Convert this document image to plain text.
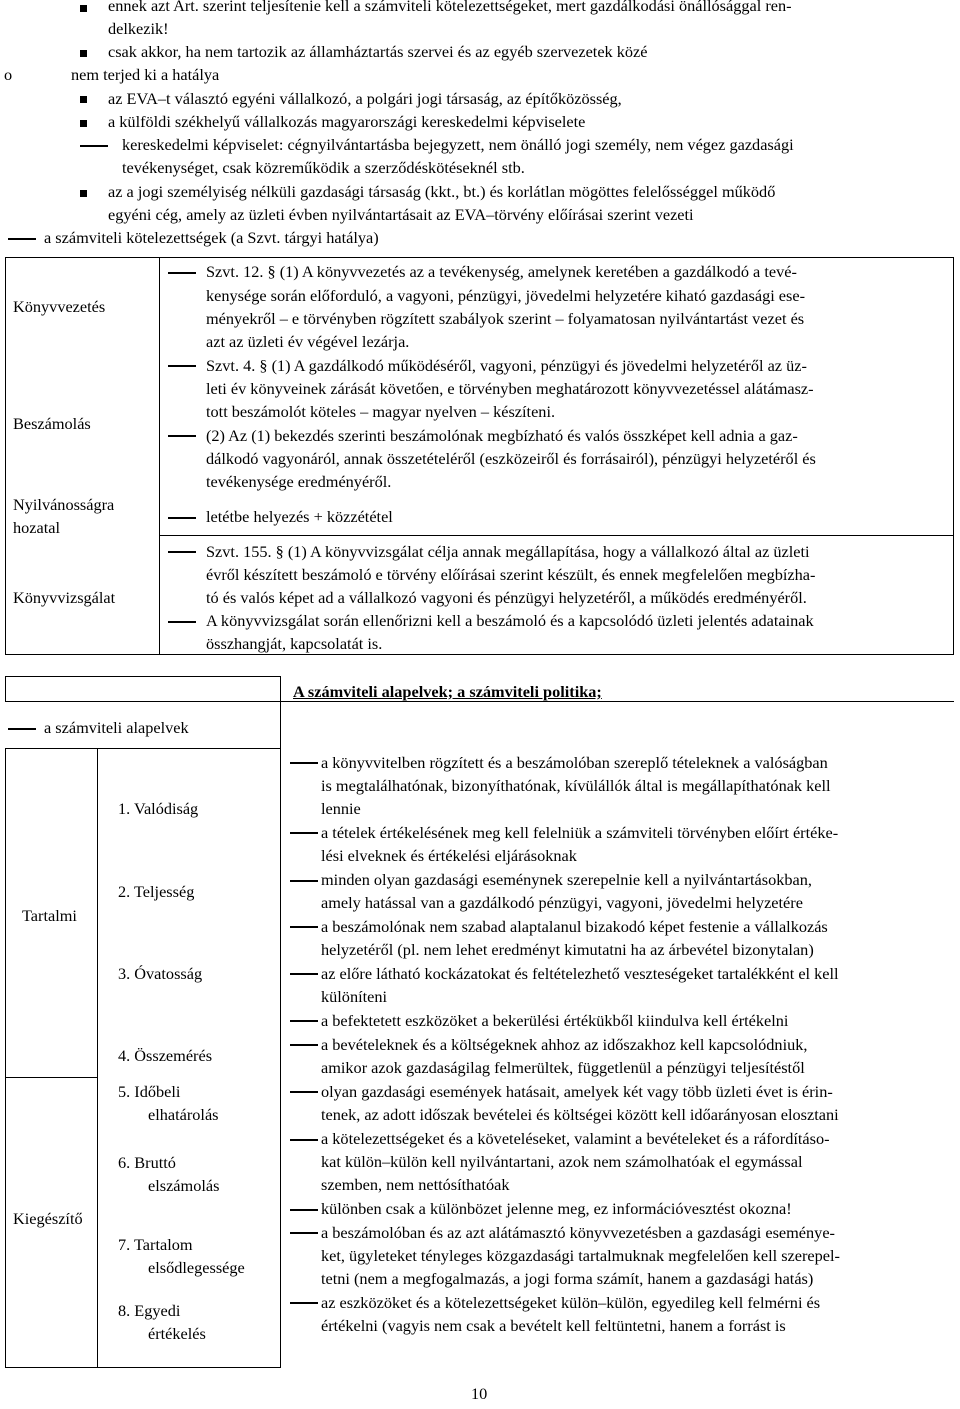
ennek azt Art. szerint teljesítenie kell a számviteli kötelezettségeket, mert gazdálkodási önállósággal ren-
delkezik!
csak akkor, ha nem tartozik az államháztartás szervei és az egyéb szervezetek közé
o	nem terjed ki a hatálya
az EVA–t választó egyéni vállalkozó, a polgári jogi társaság, az építőközösség,
a külföldi székhelyű vállalkozás magyarországi kereskedelmi képviselete
kereskedelmi képviselet: cégnyilvántartásba bejegyzett, nem önálló jogi személy, nem végez gazdasági
tevékenységet, csak közreműködik a szerződéskötéseknél stb.
az a jogi személyiség nélküli gazdasági társaság (kkt., bt.) és korlátlan mögöttes felelősséggel működő
egyéni cég, amely az üzleti évben nyilvántartásait az EVA–törvény előírásai szerint vezeti
a számviteli kötelezettségek (a Szvt. tárgyi hatálya)
Könyvvezetés
Beszámolás
Nyilvánosságra
hozatal
Könyvvizsgálat
Szvt. 12. § (1) A könyvvezetés az a tevékenység, amelynek keretében a gazdálkodó a tevé-
kenysége során előforduló, a vagyoni, pénzügyi, jövedelmi helyzetére kiható gazdasági ese-
ményekről – e törvényben rögzített szabályok szerint – folyamatosan nyilvántartást vezet és
azt az üzleti év végével lezárja.
Szvt. 4. § (1) A gazdálkodó működéséről, vagyoni, pénzügyi és jövedelmi helyzetéről az üz-
leti év könyveinek zárását követően, e törvényben meghatározott könyvvezetéssel alátámasz-
tott beszámolót köteles – magyar nyelven – készíteni.
(2) Az (1) bekezdés szerinti beszámolónak megbízható és valós összképet kell adnia a gaz-
dálkodó vagyonáról, annak összetételéről (eszközeiről és forrásairól), pénzügyi helyzetéről és
tevékenysége eredményéről.
letétbe helyezés + közzététel
Szvt. 155. § (1) A könyvvizsgálat célja annak megállapítása, hogy a vállalkozó által az üzleti
évről készített beszámoló e törvény előírásai szerint készült, és ennek megfelelően megbízha-
tó és valós képet ad a vállalkozó vagyoni és pénzügyi helyzetéről, a működés eredményéről.
A könyvvizsgálat során ellenőrizni kell a beszámoló és a kapcsolódó üzleti jelentés adatainak
összhangját, kapcsolatát is.
A számviteli alapelvek; a számviteli politika;
a számviteli alapelvek
Tartalmi
Kiegészítő
1. Valódiság
2. Teljesség
3. Óvatosság
4. Összemérés
5. Időbeli
elhatárolás
6. Bruttó
elszámolás
7. Tartalom
elsődlegessége
8. Egyedi
értékelés
a könyvvitelben rögzített és a beszámolóban szereplő tételeknek a valóságban
is megtalálhatónak, bizonyíthatónak, kívülállók által is megállapíthatónak kell
lennie
a tételek értékelésének meg kell felelniük a számviteli törvényben előírt értéke-
lési elveknek és értékelési eljárásoknak
minden olyan gazdasági eseménynek szerepelnie kell a nyilvántartásokban,
amely hatással van a gazdálkodó pénzügyi, vagyoni, jövedelmi helyzetére
a beszámolónak nem szabad alaptalanul bizakodó képet festenie a vállalkozás
helyzetéről (pl. nem lehet eredményt kimutatni ha az árbevétel bizonytalan)
az előre látható kockázatokat és feltételezhető veszteségeket tartalékként el kell
különíteni
a befektetett eszközöket a bekerülési értékükből kiindulva kell értékelni
a bevételeknek és a költségeknek ahhoz az időszakhoz kell kapcsolódniuk,
amikor azok gazdaságilag felmerültek, függetlenül a pénzügyi teljesítéstől
olyan gazdasági események hatásait, amelyek két vagy több üzleti évet is érin-
tenek, az adott időszak bevételei és költségei között kell időarányosan elosztani
a kötelezettségeket és a követeléseket, valamint a bevételeket és a ráfordításo-
kat külön–külön kell nyilvántartani, azok nem számolhatóak el egymással
szemben, nem nettósíthatóak
különben csak a különbözet jelenne meg, ez információvesztést okozna!
a beszámolóban és az azt alátámasztó könyvvezetésben a gazdasági eseménye-
ket, ügyleteket tényleges közgazdasági tartalmuknak megfelelően kell szerepel-
tetni (nem a megfogalmazás, a jogi forma számít, hanem a gazdasági hatás)
az eszközöket és a kötelezettségeket külön–külön, egyedileg kell felmérni és
értékelni (vagyis nem csak a bevételt kell feltüntetni, hanem a forrást is
10
